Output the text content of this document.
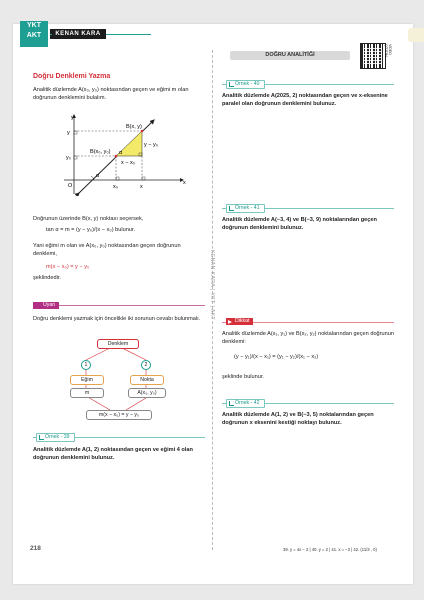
YKT
AKT	KENAN KARA
DOĞRU ANALİTİĞİ
VIDEO ÇÖZÜM
KENAN KARA | YKT | AKT
Doğru Denklemi Yazma
Analitik düzlemde A(x₀, y₀) noktasından geçen ve eğimi m olan doğrunun denklemini bulalım.
y
x
O
B(x, y)
B(x₀, y₀)
y − y₀
x − x₀
α
α
y
y₀
x₀	x
Doğrunun üzerinde B(x, y) noktası seçersek,
tan α = m = (y − y₀)/(x − x₀) bulunur.
Yani eğimi m olan ve A(x₀, y₀) noktasından geçen doğrunun denklemi,
m(x − x₀) = y − y₀
şeklindedir.
Uyarı
Doğru denklemi yazmak için öncelikle iki sorunun cevabı bulunmalı.
Denklem
1	2
Eğim	Nokta
m	A(x₀, y₀)
m(x − x₀) = y − y₀
Örnek - 39
Analitik düzlemde A(1, 2) noktasından geçen ve eğimi 4 olan doğrunun denklemini bulunuz.
Örnek - 40
Analitik düzlemde A(2025, 2) noktasından geçen ve x-eksenine paralel olan doğrunun denklemini bulunuz.
Örnek - 41
Analitik düzlemde A(−3, 4) ve B(−3, 9) noktalarından geçen doğrunun denklemini bulunuz.
Dikkat
Analitik düzlemde A(x₁, y₁) ve B(x₂, y₂) noktalarından geçen doğrunun denklemi:
(y − y₁)/(x − x₁) = (y₁ − y₂)/(x₁ − x₂)
şeklinde bulunur.
Örnek - 42
Analitik düzlemde A(1, 2) ve B(−3, 5) noktalarından geçen doğrunun x eksenini kestiği noktayı bulunuz.
218	39. y = 4x − 2 | 40. y = 2 | 41. x = −3 | 42. (11/3 , 0)
